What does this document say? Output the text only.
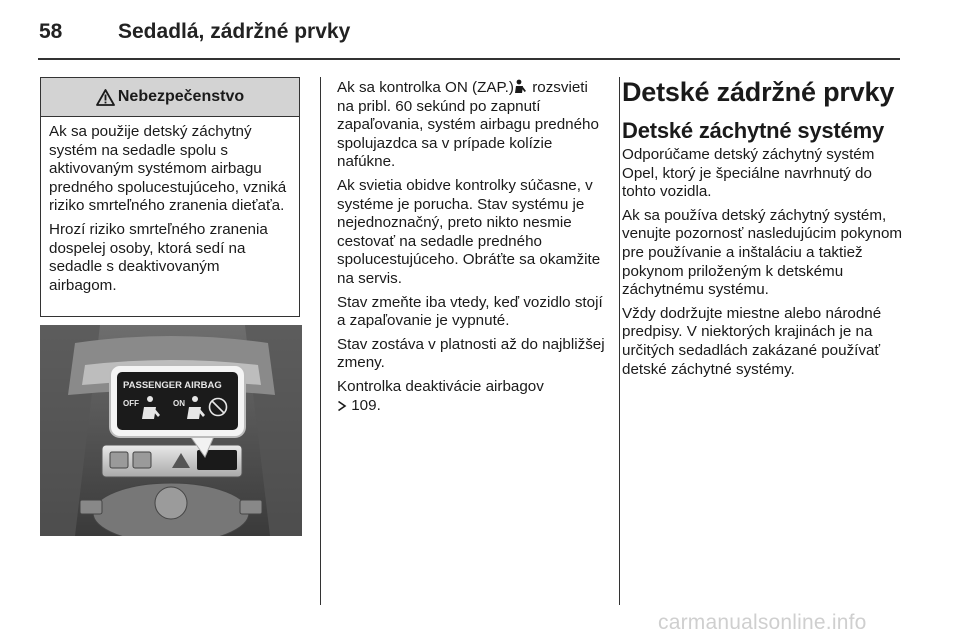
58	Sedadlá, zádržné prvky
Nebezpečenstvo

Ak sa použije detský záchytný systém na sedadle spolu s aktivovaným systémom airbagu predného spolucestujúceho, vzniká riziko smrteľného zranenia dieťaťa.

Hrozí riziko smrteľného zranenia dospelej osoby, ktorá sedí na sedadle s deaktivovaným airbagom.

PASSENGER AIRBAG
OFF	ON

Ak sa kontrolka ON (ZAP.) rozsvieti na pribl. 60 sekúnd po zapnutí zapaľovania, systém airbagu predného spolujazdca sa v prípade kolízie nafúkne.

Ak svietia obidve kontrolky súčasne, v systéme je porucha. Stav systému je nejednoznačný, preto nikto nesmie cestovať na sedadle predného spolucestujúceho. Obráťte sa okamžite na servis.

Stav zmeňte iba vtedy, keď vozidlo stojí a zapaľovanie je vypnuté.

Stav zostáva v platnosti až do najbližšej zmeny.

Kontrolka deaktivácie airbagov
109.

Detské zádržné prvky
Detské záchytné systémy

Odporúčame detský záchytný systém Opel, ktorý je špeciálne navrhnutý do tohto vozidla.

Ak sa používa detský záchytný systém, venujte pozornosť nasledujúcim pokynom pre používanie a inštaláciu a taktiež pokynom priloženým k detskému záchytnému systému.

Vždy dodržujte miestne alebo národné predpisy. V niektorých krajinách je na určitých sedadlách zakázané používať detské záchytné systémy.

carmanualsonline.info
